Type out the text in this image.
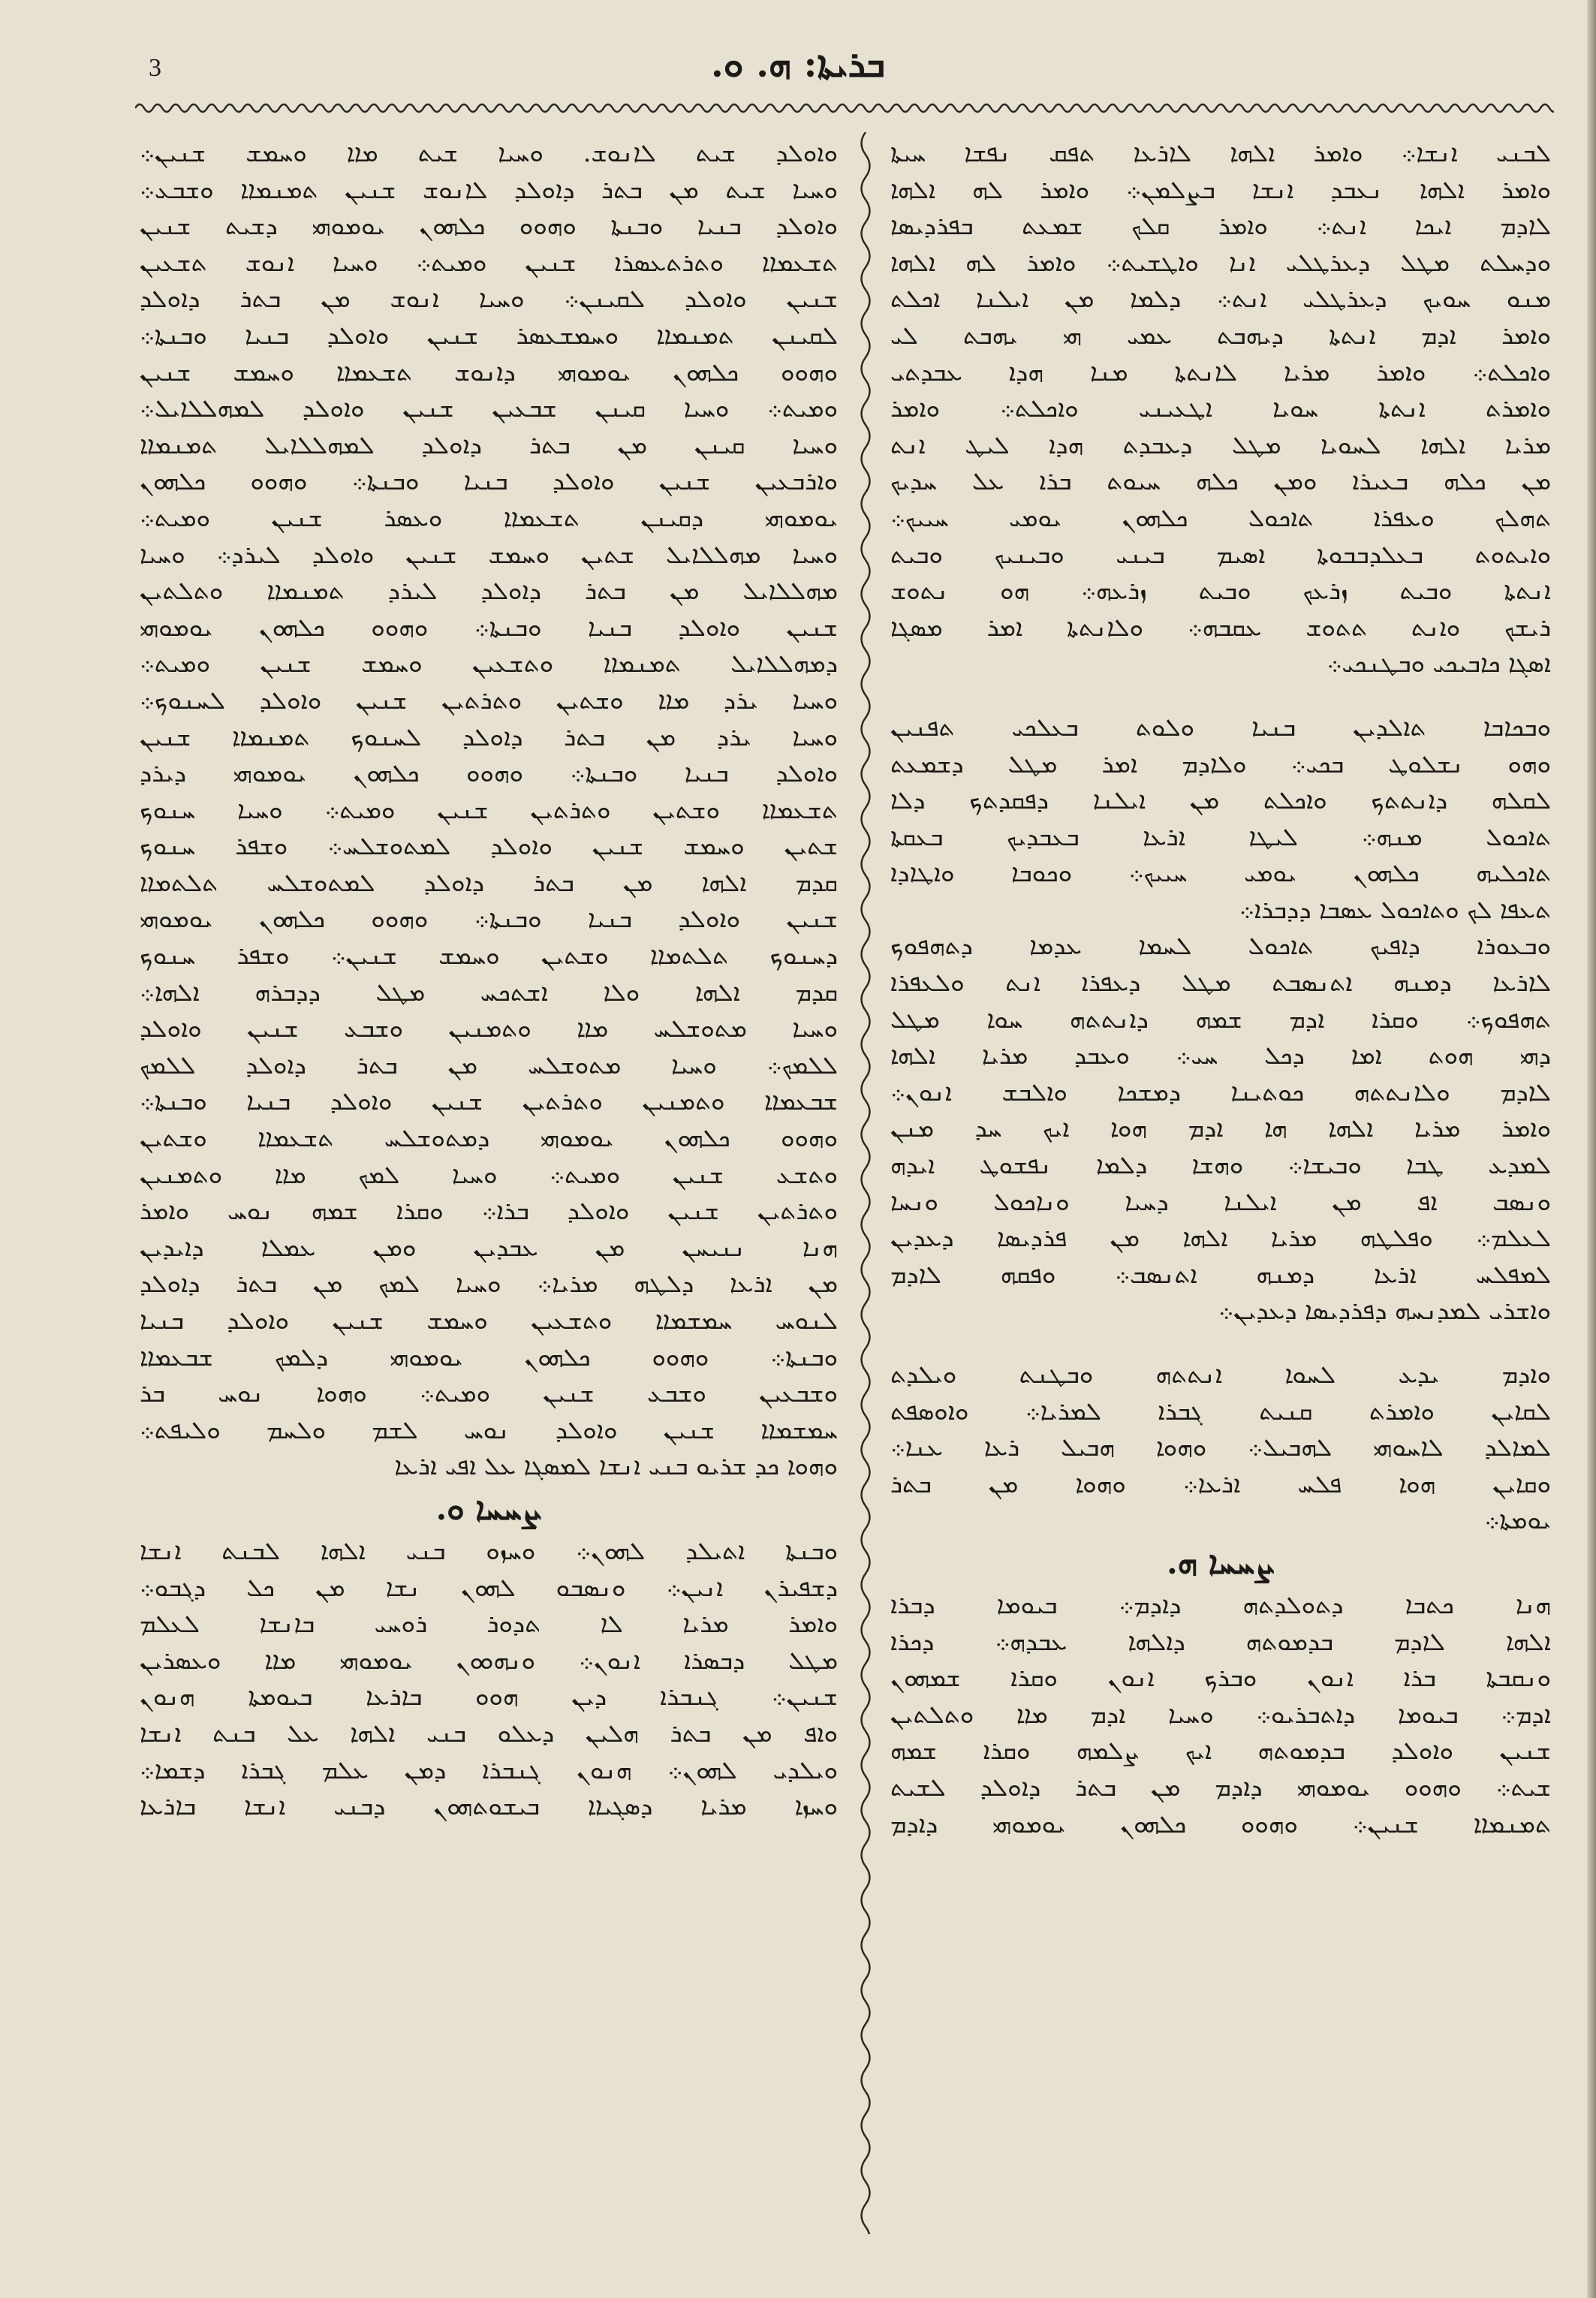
3	ܒܪܝܬܐ: ܗ. ܘ.
ܘܐܘܠܕ ܫܝܬ ܠܐܢܘܫ. ܘܚܝܐ ܫܝܬ ܡܐܐ ܘܚܡܫ ܫܢܝܢ܀
ܘܚܝܐ ܫܝܬ ܡܢ ܒܬܪ ܕܐܘܠܕ ܠܐܢܘܫ ܫܢܝܢ ܬܡܢܡܐܐ ܘܫܒܥ܀
ܘܐܘܠܕ ܒܢܝܐ ܘܒܢܬܐ ܘܗܘܘ ܟܠܗܘܢ ܝܘܡܘܗܝ ܕܫܝܬ ܫܢܝܢ
ܬܫܥܡܐܐ ܘܬܪܬܥܣܪܐ ܫܢܝܢ ܘܡܝܬ܀ ܘܚܝܐ ܐܢܘܫ ܬܫܥܝܢ
ܫܢܝܢ ܘܐܘܠܕ ܠܩܝܢܢ܀ ܘܚܝܐ ܐܢܘܫ ܡܢ ܒܬܪ ܕܐܘܠܕ
ܠܩܝܢܢ ܬܡܢܡܐܐ ܘܚܡܫܥܣܪ ܫܢܝܢ ܘܐܘܠܕ ܒܢܝܐ ܘܒܢܬܐ܀
ܘܗܘܘ ܟܠܗܘܢ ܝܘܡܘܗܝ ܕܐܢܘܫ ܬܫܥܡܐܐ ܘܚܡܫ ܫܢܝܢ
ܘܡܝܬ܀ ܘܚܝܐ ܩܝܢܢ ܫܒܥܝܢ ܫܢܝܢ ܘܐܘܠܕ ܠܡܗܠܠܐܝܠ܀
ܘܚܝܐ ܩܝܢܢ ܡܢ ܒܬܪ ܕܐܘܠܕ ܠܡܗܠܠܐܝܠ ܬܡܢܡܐܐ
ܘܐܪܒܥܝܢ ܫܢܝܢ ܘܐܘܠܕ ܒܢܝܐ ܘܒܢܬܐ܀ ܘܗܘܘ ܟܠܗܘܢ
ܝܘܡܘܗܝ ܕܩܝܢܢ ܬܫܥܡܐܐ ܘܥܣܪ ܫܢܝܢ ܘܡܝܬ܀
ܘܚܝܐ ܡܗܠܠܐܝܠ ܫܬܝܢ ܘܚܡܫ ܫܢܝܢ ܘܐܘܠܕ ܠܝܪܕ܀ ܘܚܝܐ
ܡܗܠܠܐܝܠ ܡܢ ܒܬܪ ܕܐܘܠܕ ܠܝܪܕ ܬܡܢܡܐܐ ܘܬܠܬܝܢ
ܫܢܝܢ ܘܐܘܠܕ ܒܢܝܐ ܘܒܢܬܐ܀ ܘܗܘܘ ܟܠܗܘܢ ܝܘܡܘܗܝ
ܕܡܗܠܠܐܝܠ ܬܡܢܡܐܐ ܘܬܫܥܝܢ ܘܚܡܫ ܫܢܝܢ ܘܡܝܬ܀
ܘܚܝܐ ܝܪܕ ܡܐܐ ܘܫܬܝܢ ܘܬܪܬܝܢ ܫܢܝܢ ܘܐܘܠܕ ܠܚܢܘܟ܀
ܘܚܝܐ ܝܪܕ ܡܢ ܒܬܪ ܕܐܘܠܕ ܠܚܢܘܟ ܬܡܢܡܐܐ ܫܢܝܢ
ܘܐܘܠܕ ܒܢܝܐ ܘܒܢܬܐ܀ ܘܗܘܘ ܟܠܗܘܢ ܝܘܡܘܗܝ ܕܝܪܕ
ܬܫܥܡܐܐ ܘܫܬܝܢ ܘܬܪܬܝܢ ܫܢܝܢ ܘܡܝܬ܀ ܘܚܝܐ ܚܢܘܟ
ܫܬܝܢ ܘܚܡܫ ܫܢܝܢ ܘܐܘܠܕ ܠܡܬܘܫܠܚ܀ ܘܫܦܪ ܚܢܘܟ
ܩܕܡ ܐܠܗܐ ܡܢ ܒܬܪ ܕܐܘܠܕ ܠܡܬܘܫܠܚ ܬܠܬܡܐܐ
ܫܢܝܢ ܘܐܘܠܕ ܒܢܝܐ ܘܒܢܬܐ܀ ܘܗܘܘ ܟܠܗܘܢ ܝܘܡܘܗܝ
ܕܚܢܘܟ ܬܠܬܡܐܐ ܘܫܬܝܢ ܘܚܡܫ ܫܢܝܢ܀ ܘܫܦܪ ܚܢܘܟ
ܩܕܡ ܐܠܗܐ ܘܠܐ ܐܫܬܟܚ ܡܛܠ ܕܕܒܪܗ ܐܠܗܐ܀
ܘܚܝܐ ܡܬܘܫܠܚ ܡܐܐ ܘܬܡܢܝܢ ܘܫܒܥ ܫܢܝܢ ܘܐܘܠܕ
ܠܠܡܟ܀ ܘܚܝܐ ܡܬܘܫܠܚ ܡܢ ܒܬܪ ܕܐܘܠܕ ܠܠܡܟ
ܫܒܥܡܐܐ ܘܬܡܢܝܢ ܘܬܪܬܝܢ ܫܢܝܢ ܘܐܘܠܕ ܒܢܝܐ ܘܒܢܬܐ܀
ܘܗܘܘ ܟܠܗܘܢ ܝܘܡܘܗܝ ܕܡܬܘܫܠܚ ܬܫܥܡܐܐ ܘܫܬܝܢ
ܘܬܫܥ ܫܢܝܢ ܘܡܝܬ܀ ܘܚܝܐ ܠܡܟ ܡܐܐ ܘܬܡܢܝܢ
ܘܬܪܬܝܢ ܫܢܝܢ ܘܐܘܠܕ ܒܪܐ܀ ܘܩܪܐ ܫܡܗ ܢܘܚ ܘܐܡܪ
ܗܢܐ ܢܢܝܚܢ ܡܢ ܥܒܕܝܢ ܘܡܢ ܥܡܠܐ ܕܐܝܕܝܢ
ܡܢ ܐܪܥܐ ܕܠܛܗ ܡܪܝܐ܀ ܘܚܝܐ ܠܡܟ ܡܢ ܒܬܪ ܕܐܘܠܕ
ܠܢܘܚ ܚܡܫܡܐܐ ܘܬܫܥܝܢ ܘܚܡܫ ܫܢܝܢ ܘܐܘܠܕ ܒܢܝܐ
ܘܒܢܬܐ܀ ܘܗܘܘ ܟܠܗܘܢ ܝܘܡܘܗܝ ܕܠܡܟ ܫܒܥܡܐܐ
ܘܫܒܥܝܢ ܘܫܒܥ ܫܢܝܢ ܘܡܝܬ܀ ܘܗܘܐ ܢܘܚ ܒܪ
ܚܡܫܡܐܐ ܫܢܝܢ ܘܐܘܠܕ ܢܘܚ ܠܫܡ ܘܠܚܡ ܘܠܝܦܬ܀
ܘܗܘܐ ܟܕ ܫܪܝܘ ܒܢܝ ܐܢܫܐ ܠܡܣܓܐ ܥܠ ܐܦܝ ܐܪܥܐ
ܨܚܚܐ ܘ.
ܘܒܢܬܐ ܐܬܝܠܕ ܠܗܘܢ܀ ܘܚܙܘ ܒܢܝ ܐܠܗܐ ܠܒܢܬ ܐܢܫܐ
ܕܫܦܝܪܢ ܐܢܝܢ܀ ܘܢܣܒܘ ܠܗܘܢ ܢܫܐ ܡܢ ܟܠ ܕܓܒܘ܀
ܘܐܡܪ ܡܪܝܐ ܠܐ ܬܕܘܪ ܪܘܚܝ ܒܐܢܫܐ ܠܥܠܡ
ܡܛܠ ܕܒܣܪܐ ܐܢܘܢ܀ ܘܢܗܘܘܢ ܝܘܡܘܗܝ ܡܐܐ ܘܥܣܪܝܢ
ܫܢܝܢ܀ ܓܢܒܪܐ ܕܝܢ ܗܘܘ ܒܐܪܥܐ ܒܝܘܡܬܐ ܗܢܘܢ
ܘܐܦ ܡܢ ܒܬܪ ܗܠܝܢ ܕܥܠܘ ܒܢܝ ܐܠܗܐ ܥܠ ܒܢܬ ܐܢܫܐ
ܘܝܠܕܝ ܠܗܘܢ܀ ܗܢܘܢ ܓܢܒܪܐ ܕܡܢ ܥܠܡ ܓܒܪܐ ܕܫܡܐ܀
ܘܚܙܐ ܡܪܝܐ ܕܣܓܝܐܐ ܒܝܫܘܬܗܘܢ ܕܒܢܝ ܐܢܫܐ ܒܐܪܥܐ
ܠܒܢܝ ܐܢܫܐ܀ ܘܐܡܪ ܐܠܗܐ ܠܐܪܥܐ ܬܦܩ ܢܦܫܐ ܚܝܬܐ
ܘܐܡܪ ܐܠܗܐ ܢܥܒܕ ܐܢܫܐ ܒܨܠܡܢ܀ ܘܐܡܪ ܠܗ ܐܠܗܐ
ܠܐܕܡ ܐܝܟܐ ܐܢܬ܀ ܘܐܡܪ ܩܠܟ ܫܡܥܬ ܒܦܪܕܝܣܐ
ܘܕܚܠܬ ܡܛܠ ܕܥܪܛܠܝ ܐܢܐ ܘܐܛܫܝܬ܀ ܘܐܡܪ ܠܗ ܐܠܗܐ
ܡܢܘ ܚܘܝܟ ܕܥܪܛܠܝ ܐܢܬ܀ ܕܠܡܐ ܡܢ ܐܝܠܢܐ ܐܟܠܬ
ܘܐܡܪ ܐܕܡ ܐܢܬܬܐ ܕܝܗܒܬ ܥܡܝ ܗܝ ܝܗܒܬ ܠܝ
ܘܐܟܠܬ܀ ܘܐܡܪ ܡܪܝܐ ܠܐܢܬܬܐ ܡܢܐ ܗܕܐ ܥܒܕܬܝ
ܘܐܡܪܬ ܐܢܬܬܐ ܚܘܝܐ ܐܛܥܝܢܝ ܘܐܟܠܬ܀ ܘܐܡܪ
ܡܪܝܐ ܐܠܗܐ ܠܚܘܝܐ ܡܛܠ ܕܥܒܕܬ ܗܕܐ ܠܝܛ ܐܢܬ
ܡܢ ܟܠܗ ܒܥܝܪܐ ܘܡܢ ܟܠܗ ܚܝܘܬ ܒܪܐ ܥܠ ܚܕܝܟ
ܬܗܠܟ ܘܥܦܪܐ ܬܐܟܘܠ ܟܠܗܘܢ ܝܘܡܝ ܚܝܝܟ܀
ܘܐܝܬܘܬ ܒܥܠܕܒܒܘܬܐ ܐܣܝܡ ܒܝܢܝ ܘܒܝܢܝܟ ܘܒܝܬ
ܐܢܬܬܐ ܘܒܝܬ ܙܪܥܟ ܘܒܝܬ ܙܪܥܗ܀ ܗܘ ܢܬܘܫ
ܪܝܫܟ ܘܐܢܬ ܬܬܘܫ ܥܩܒܗ܀ ܘܠܐܢܬܬܐ ܐܡܪ ܡܣܓܐ
ܐܣܓܐ ܟܐܒܝܟܝ ܘܒܛܢܟܝ܀
ܘܒܟܐܒܐ ܬܐܠܕܝܢ ܒܢܝܐ ܘܠܘܬ ܒܥܠܟܝ ܬܦܢܝܢ
ܘܗܘ ܢܫܠܘܛ ܒܟܝ܀ ܘܠܐܕܡ ܐܡܪ ܡܛܠ ܕܫܡܥܬ
ܠܩܠܗ ܕܐܢܬܬܟ ܘܐܟܠܬ ܡܢ ܐܝܠܢܐ ܕܦܩܕܬܟ ܕܠܐ
ܬܐܟܘܠ ܡܢܗ܀ ܠܝܛܐ ܐܪܥܐ ܒܥܒܕܝܟ ܒܥܩܬܐ
ܬܐܟܠܝܗ ܟܠܗܘܢ ܝܘܡܝ ܚܝܝܟ܀ ܘܟܘܒܐ ܘܐܛܐܕܐ
ܬܥܦܐ ܠܟ ܘܬܐܟܘܠ ܥܣܒܐ ܕܕܒܪܐ܀
ܘܒܥܘܪܐ ܕܐܦܝܟ ܬܐܟܘܠ ܠܚܡܐ ܥܕܡܐ ܕܬܗܦܘܟ
ܠܐܪܥܐ ܕܡܢܗ ܐܬܢܣܒܬ ܡܛܠ ܕܥܦܪܐ ܐܢܬ ܘܠܥܦܪܐ
ܬܗܦܘܟ܀ ܘܩܪܐ ܐܕܡ ܫܡܗ ܕܐܢܬܬܗ ܚܘܐ ܡܛܠ
ܕܗܝ ܗܘܬ ܐܡܐ ܕܟܠ ܚܝ܀ ܘܥܒܕ ܡܪܝܐ ܐܠܗܐ
ܠܐܕܡ ܘܠܐܢܬܬܗ ܟܘܬܝܢܐ ܕܡܫܟܐ ܘܐܠܒܫ ܐܢܘܢ܀
ܘܐܡܪ ܡܪܝܐ ܐܠܗܐ ܗܐ ܐܕܡ ܗܘܐ ܐܝܟ ܚܕ ܡܢܢ
ܠܡܕܥ ܛܒܐ ܘܒܝܫܐ܀ ܘܗܫܐ ܕܠܡܐ ܢܦܫܘܛ ܐܝܕܗ
ܘܢܣܒ ܐܦ ܡܢ ܐܝܠܢܐ ܕܚܝܐ ܘܢܐܟܘܠ ܘܢܚܐ
ܠܥܠܡ܀ ܘܦܠܛܗ ܡܪܝܐ ܐܠܗܐ ܡܢ ܦܪܕܝܣܐ ܕܥܕܝܢ
ܠܡܦܠܚ ܐܪܥܐ ܕܡܢܗ ܐܬܢܣܒ܀ ܘܦܩܗ ܠܐܕܡ
ܘܐܫܪܝ ܠܡܕܢܚܗ ܕܦܪܕܝܣܐ ܕܥܕܝܢ܀
ܘܐܕܡ ܝܕܥ ܠܚܘܐ ܐܢܬܬܗ ܘܒܛܢܬ ܘܝܠܕܬ
ܠܩܐܝܢ ܘܐܡܪܬ ܩܢܝܬ ܓܒܪܐ ܠܡܪܝܐ܀ ܘܐܘܣܦܬ
ܠܡܐܠܕ ܠܐܚܘܗܝ ܠܗܒܝܠ܀ ܘܗܘܐ ܗܒܝܠ ܪܥܐ ܥܢܐ܀
ܘܩܐܝܢ ܗܘܐ ܦܠܚ ܐܪܥܐ܀ ܘܗܘܐ ܡܢ ܒܬܪ
ܝܘܡܬܐ܀
ܨܚܚܐ ܗ.
ܗܢܐ ܟܬܒܐ ܕܬܘܠܕܬܗ ܕܐܕܡ܀ ܒܝܘܡܐ ܕܒܪܐ
ܐܠܗܐ ܠܐܕܡ ܒܕܡܘܬܗ ܕܐܠܗܐ ܥܒܕܗ܀ ܕܟܪܐ
ܘܢܩܒܬܐ ܒܪܐ ܐܢܘܢ ܘܒܪܟ ܐܢܘܢ ܘܩܪܐ ܫܡܗܘܢ
ܐܕܡ܀ ܒܝܘܡܐ ܕܐܬܒܪܝܘ܀ ܘܚܝܐ ܐܕܡ ܡܐܐ ܘܬܠܬܝܢ
ܫܢܝܢ ܘܐܘܠܕ ܒܕܡܘܬܗ ܐܝܟ ܨܠܡܗ ܘܩܪܐ ܫܡܗ
ܫܝܬ܀ ܘܗܘܘ ܝܘܡܘܗܝ ܕܐܕܡ ܡܢ ܒܬܪ ܕܐܘܠܕ ܠܫܝܬ
ܬܡܢܡܐܐ ܫܢܝܢ܀ ܘܗܘܘ ܟܠܗܘܢ ܝܘܡܘܗܝ ܕܐܕܡ
